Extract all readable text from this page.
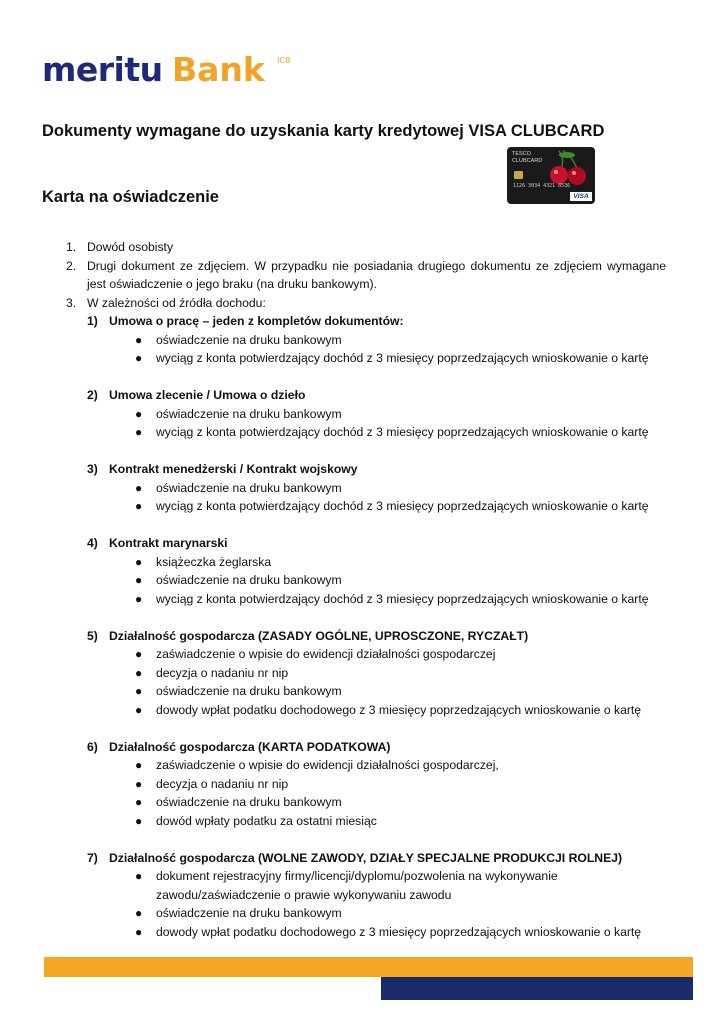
meritu Bank ICB
Dokumenty wymagane do uzyskania karty kredytowej VISA CLUBCARD
Karta na oświadczenie
TESCO
CLUBCARD
1126 3034 4321 8536
VISA
1. Dowód osobisty
2. Drugi dokument ze zdjęciem. W przypadku nie posiadania drugiego dokumentu ze zdjęciem wymagane jest oświadczenie o jego braku (na druku bankowym).
3. W zależności od źródła dochodu:
1) Umowa o pracę – jeden z kompletów dokumentów:
● oświadczenie na druku bankowym
● wyciąg z konta potwierdzający dochód z 3 miesięcy poprzedzających wnioskowanie o kartę
2) Umowa zlecenie / Umowa o dzieło
● oświadczenie na druku bankowym
● wyciąg z konta potwierdzający dochód z 3 miesięcy poprzedzających wnioskowanie o kartę
3) Kontrakt menedżerski / Kontrakt wojskowy
● oświadczenie na druku bankowym
● wyciąg z konta potwierdzający dochód z 3 miesięcy poprzedzających wnioskowanie o kartę
4) Kontrakt marynarski
● książeczka żeglarska
● oświadczenie na druku bankowym
● wyciąg z konta potwierdzający dochód z 3 miesięcy poprzedzających wnioskowanie o kartę
5) Działalność gospodarcza (ZASADY OGÓLNE, UPROSCZONE, RYCZAŁT)
● zaświadczenie o wpisie do ewidencji działalności gospodarczej
● decyzja o nadaniu nr nip
● oświadczenie na druku bankowym
● dowody wpłat podatku dochodowego z 3 miesięcy poprzedzających wnioskowanie o kartę
6) Działalność gospodarcza (KARTA PODATKOWA)
● zaświadczenie o wpisie do ewidencji działalności gospodarczej,
● decyzja o nadaniu nr nip
● oświadczenie na druku bankowym
● dowód wpłaty podatku za ostatni miesiąc
7) Działalność gospodarcza (WOLNE ZAWODY, DZIAŁY SPECJALNE PRODUKCJI ROLNEJ)
● dokument rejestracyjny firmy/licencji/dyplomu/pozwolenia na wykonywanie zawodu/zaświadczenie o prawie wykonywaniu zawodu
● oświadczenie na druku bankowym
● dowody wpłat podatku dochodowego z 3 miesięcy poprzedzających wnioskowanie o kartę
